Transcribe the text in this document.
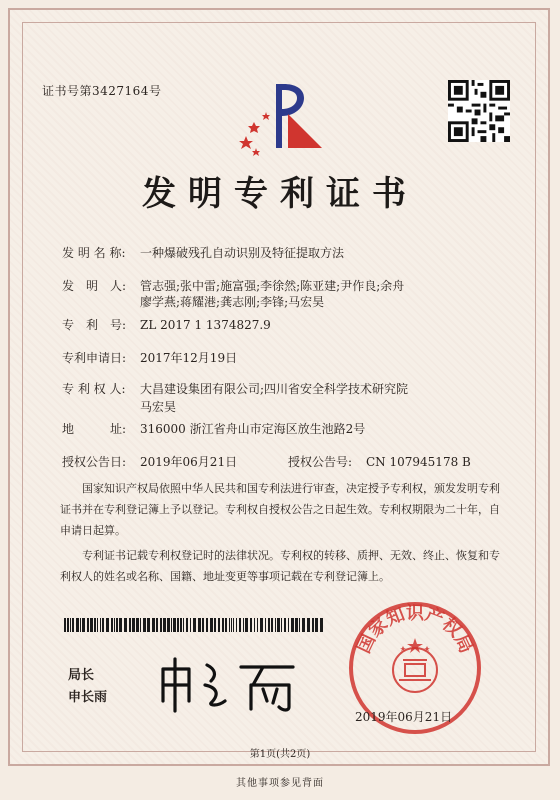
证书号第3427164号
发明专利证书
发 明 名 称: 一种爆破残孔自动识别及特征提取方法
发　明　人: 管志强;张中雷;施富强;李徐然;陈亚建;尹作良;余舟
廖学燕;蒋耀港;龚志刚;李锋;马宏昊
专　利　号: ZL 2017 1 1374827.9
专利申请日: 2017年12月19日
专 利 权 人: 大昌建设集团有限公司;四川省安全科学技术研究院
马宏昊
地　　　址: 316000 浙江省舟山市定海区放生池路2号
授权公告日: 2019年06月21日	授权公告号: CN 107945178 B
国家知识产权局依照中华人民共和国专利法进行审查，决定授予专利权，颁发发明专利证书并在专利登记簿上予以登记。专利权自授权公告之日起生效。专利权期限为二十年，自申请日起算。
专利证书记载专利权登记时的法律状况。专利权的转移、质押、无效、终止、恢复和专利权人的姓名或名称、国籍、地址变更等事项记载在专利登记簿上。
局长
申长雨
国家知识产权局
2019年06月21日
第1页(共2页)
其他事项参见背面
